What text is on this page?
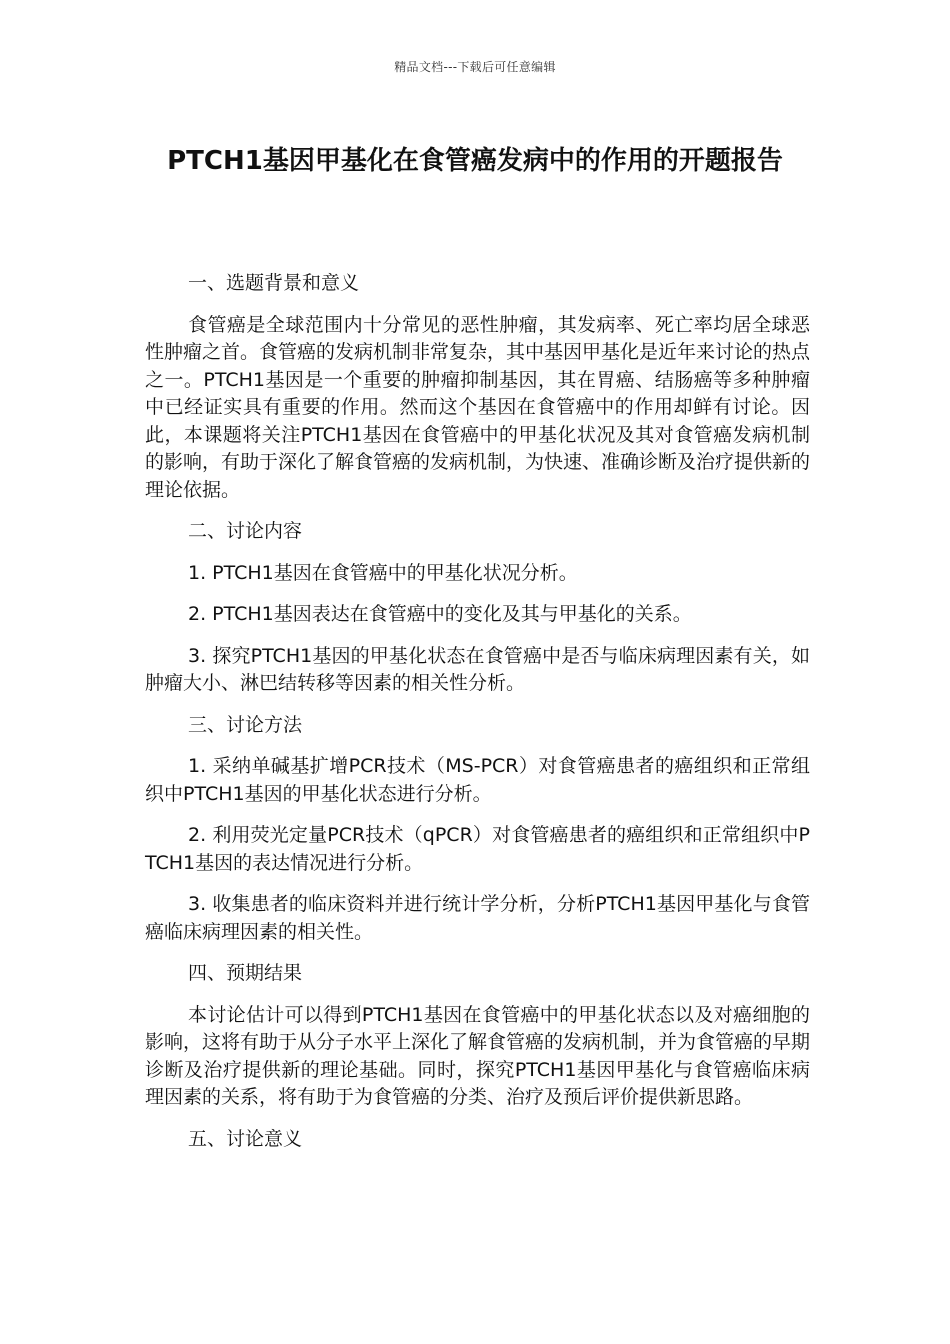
精品文档---下载后可任意编辑
PTCH1基因甲基化在食管癌发病中的作用的开题报告

一、选题背景和意义

食管癌是全球范围内十分常见的恶性肿瘤，其发病率、死亡率均居全球恶性肿瘤之首。食管癌的发病机制非常复杂，其中基因甲基化是近年来讨论的热点之一。PTCH1基因是一个重要的肿瘤抑制基因，其在胃癌、结肠癌等多种肿瘤中已经证实具有重要的作用。然而这个基因在食管癌中的作用却鲜有讨论。因此，本课题将关注PTCH1基因在食管癌中的甲基化状况及其对食管癌发病机制的影响，有助于深化了解食管癌的发病机制，为快速、准确诊断及治疗提供新的理论依据。

二、讨论内容

1. PTCH1基因在食管癌中的甲基化状况分析。

2. PTCH1基因表达在食管癌中的变化及其与甲基化的关系。

3. 探究PTCH1基因的甲基化状态在食管癌中是否与临床病理因素有关，如肿瘤大小、淋巴结转移等因素的相关性分析。

三、讨论方法

1. 采纳单碱基扩增PCR技术（MS-PCR）对食管癌患者的癌组织和正常组织中PTCH1基因的甲基化状态进行分析。

2. 利用荧光定量PCR技术（qPCR）对食管癌患者的癌组织和正常组织中PTCH1基因的表达情况进行分析。

3. 收集患者的临床资料并进行统计学分析，分析PTCH1基因甲基化与食管癌临床病理因素的相关性。

四、预期结果

本讨论估计可以得到PTCH1基因在食管癌中的甲基化状态以及对癌细胞的影响，这将有助于从分子水平上深化了解食管癌的发病机制，并为食管癌的早期诊断及治疗提供新的理论基础。同时，探究PTCH1基因甲基化与食管癌临床病理因素的关系，将有助于为食管癌的分类、治疗及预后评价提供新思路。

五、讨论意义
